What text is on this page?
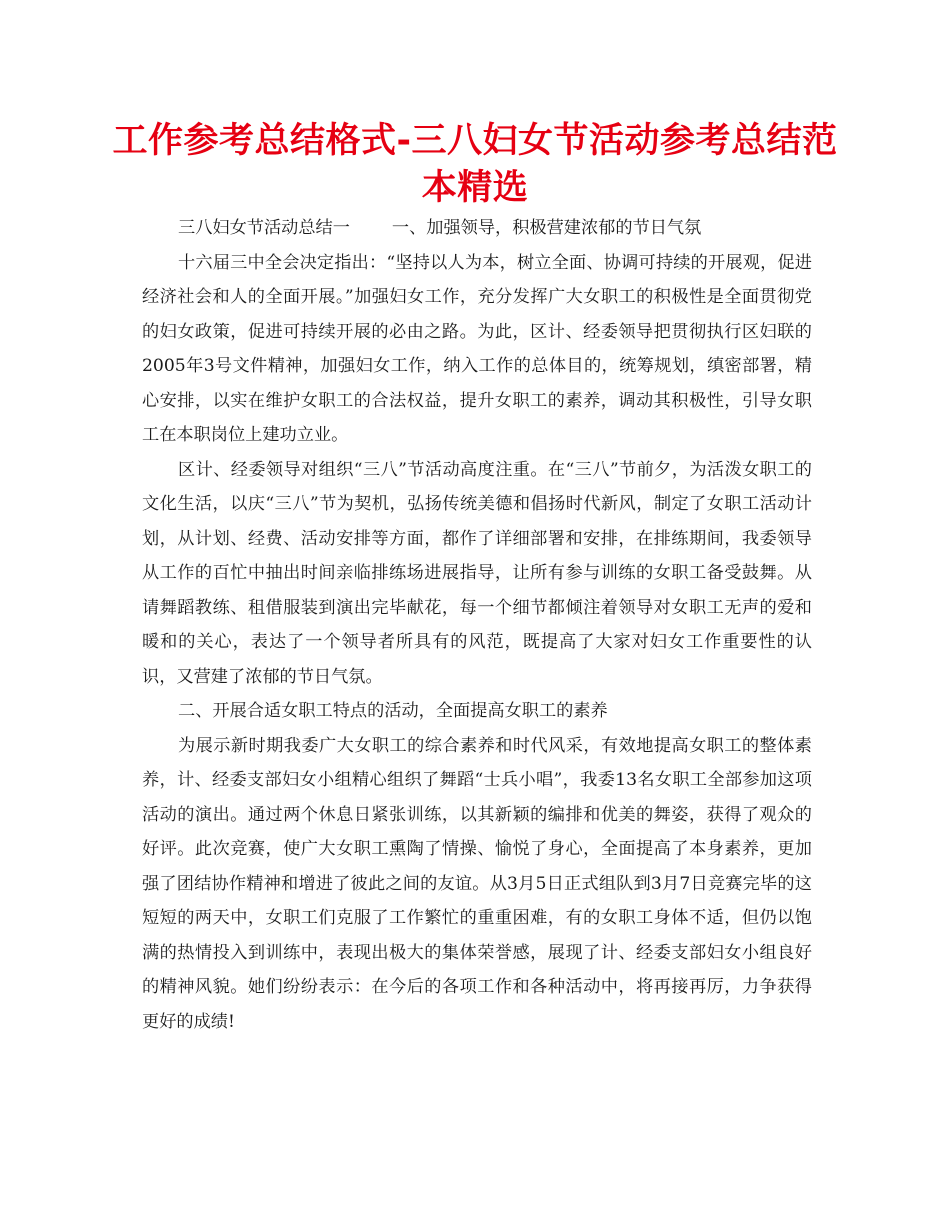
工作参考总结格式-三八妇女节活动参考总结范本精选

三八妇女节活动总结一 一、加强领导，积极营建浓郁的节日气氛

十六届三中全会决定指出：“坚持以人为本，树立全面、协调可持续的开展观，促进经济社会和人的全面开展。”加强妇女工作，充分发挥广大女职工的积极性是全面贯彻党的妇女政策，促进可持续开展的必由之路。为此，区计、经委领导把贯彻执行区妇联的2005年3号文件精神，加强妇女工作，纳入工作的总体目的，统筹规划，缜密部署，精心安排，以实在维护女职工的合法权益，提升女职工的素养，调动其积极性，引导女职工在本职岗位上建功立业。

区计、经委领导对组织“三八”节活动高度注重。在“三八”节前夕，为活泼女职工的文化生活，以庆“三八”节为契机，弘扬传统美德和倡扬时代新风，制定了女职工活动计划，从计划、经费、活动安排等方面，都作了详细部署和安排，在排练期间，我委领导从工作的百忙中抽出时间亲临排练场进展指导，让所有参与训练的女职工备受鼓舞。从请舞蹈教练、租借服装到演出完毕献花，每一个细节都倾注着领导对女职工无声的爱和暖和的关心，表达了一个领导者所具有的风范，既提高了大家对妇女工作重要性的认识，又营建了浓郁的节日气氛。

二、开展合适女职工特点的活动，全面提高女职工的素养

为展示新时期我委广大女职工的综合素养和时代风采，有效地提高女职工的整体素养，计、经委支部妇女小组精心组织了舞蹈“士兵小唱”，我委13名女职工全部参加这项活动的演出。通过两个休息日紧张训练，以其新颖的编排和优美的舞姿，获得了观众的好评。此次竞赛，使广大女职工熏陶了情操、愉悦了身心，全面提高了本身素养，更加强了团结协作精神和增进了彼此之间的友谊。从3月5日正式组队到3月7日竞赛完毕的这短短的两天中，女职工们克服了工作繁忙的重重困难，有的女职工身体不适，但仍以饱满的热情投入到训练中，表现出极大的集体荣誉感，展现了计、经委支部妇女小组良好的精神风貌。她们纷纷表示：在今后的各项工作和各种活动中，将再接再厉，力争获得更好的成绩!
